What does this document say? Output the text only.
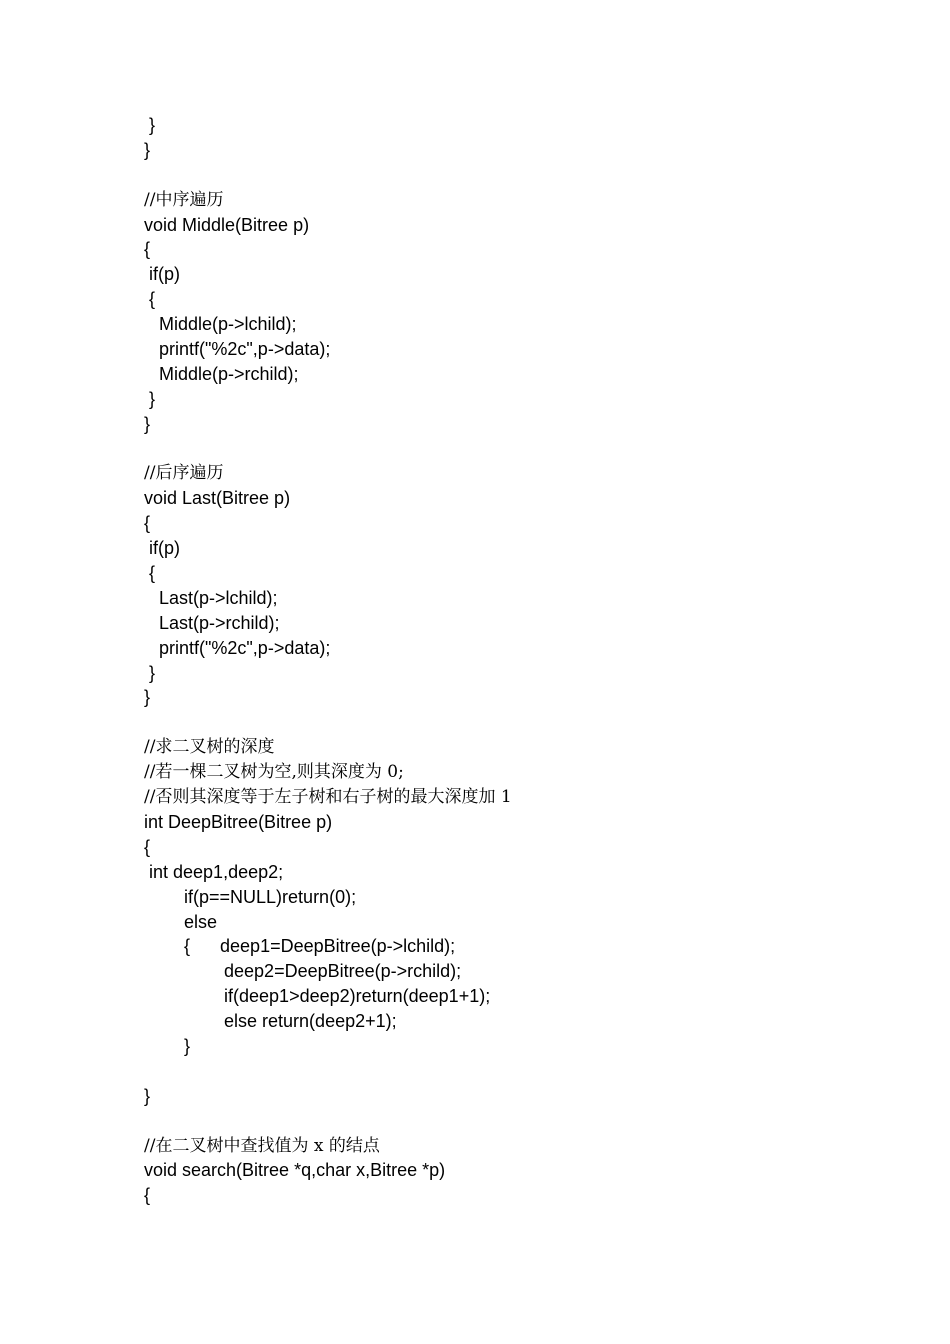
}
}
//中序遍历
void Middle(Bitree p)
{
if(p)
{
Middle(p->lchild);
printf("%2c",p->data);
Middle(p->rchild);
}
}
//后序遍历
void Last(Bitree p)
{
if(p)
{
Last(p->lchild);
Last(p->rchild);
printf("%2c",p->data);
}
}
//求二叉树的深度
//若一棵二叉树为空,则其深度为 0;
//否则其深度等于左子树和右子树的最大深度加 1
int DeepBitree(Bitree p)
{
int deep1,deep2;
if(p==NULL)return(0);
else
{      deep1=DeepBitree(p->lchild);
deep2=DeepBitree(p->rchild);
if(deep1>deep2)return(deep1+1);
else return(deep2+1);
}
}
//在二叉树中查找值为 x 的结点
void search(Bitree *q,char x,Bitree *p)
{
